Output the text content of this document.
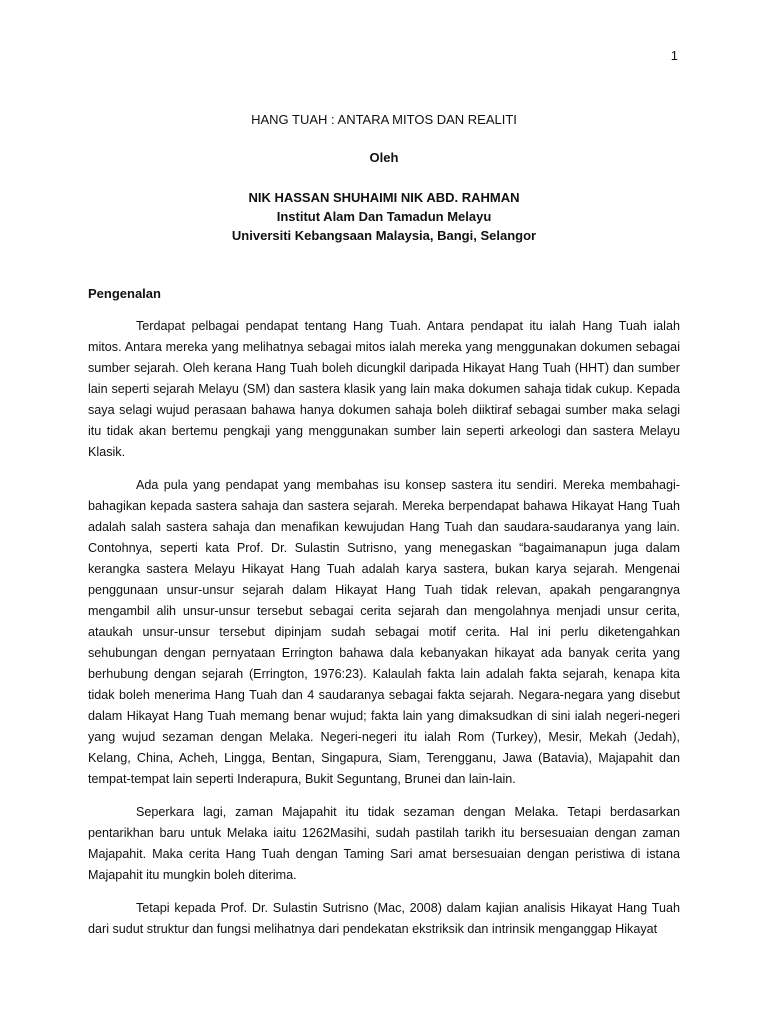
1
HANG TUAH : ANTARA MITOS DAN REALITI
Oleh
NIK HASSAN SHUHAIMI NIK ABD. RAHMAN
Institut Alam Dan Tamadun Melayu
Universiti Kebangsaan Malaysia, Bangi, Selangor
Pengenalan

Terdapat pelbagai pendapat tentang Hang Tuah. Antara pendapat itu ialah Hang Tuah ialah mitos. Antara mereka yang melihatnya sebagai mitos ialah mereka yang menggunakan dokumen sebagai sumber sejarah. Oleh kerana Hang Tuah boleh dicungkil daripada Hikayat Hang Tuah (HHT) dan sumber lain seperti sejarah Melayu (SM) dan sastera klasik yang lain maka dokumen sahaja tidak cukup. Kepada saya selagi wujud perasaan bahawa hanya dokumen sahaja boleh diiktiraf sebagai sumber maka selagi itu tidak akan bertemu pengkaji yang menggunakan sumber lain seperti arkeologi dan sastera Melayu Klasik.

Ada pula yang pendapat yang membahas isu konsep sastera itu sendiri. Mereka membahagi-bahagikan kepada sastera sahaja dan sastera sejarah. Mereka berpendapat bahawa Hikayat Hang Tuah adalah salah sastera sahaja dan menafikan kewujudan Hang Tuah dan saudara-saudaranya yang lain. Contohnya, seperti kata Prof. Dr. Sulastin Sutrisno, yang menegaskan “bagaimanapun juga dalam kerangka sastera Melayu Hikayat Hang Tuah adalah karya sastera, bukan karya sejarah. Mengenai penggunaan unsur-unsur sejarah dalam Hikayat Hang Tuah tidak relevan, apakah pengarangnya mengambil alih unsur-unsur tersebut sebagai cerita sejarah dan mengolahnya menjadi unsur cerita, ataukah unsur-unsur tersebut dipinjam sudah sebagai motif cerita. Hal ini perlu diketengahkan sehubungan dengan pernyataan Errington bahawa dala kebanyakan hikayat ada banyak cerita yang berhubung dengan sejarah (Errington, 1976:23). Kalaulah fakta lain adalah fakta sejarah, kenapa kita tidak boleh menerima Hang Tuah dan 4 saudaranya sebagai fakta sejarah. Negara-negara yang disebut dalam Hikayat Hang Tuah memang benar wujud; fakta lain yang dimaksudkan di sini ialah negeri-negeri yang wujud sezaman dengan Melaka. Negeri-negeri itu ialah Rom (Turkey), Mesir, Mekah (Jedah), Kelang, China, Acheh, Lingga, Bentan, Singapura, Siam, Terengganu, Jawa (Batavia), Majapahit dan tempat-tempat lain seperti Inderapura, Bukit Seguntang, Brunei dan lain-lain.

Seperkara lagi, zaman Majapahit itu tidak sezaman dengan Melaka. Tetapi berdasarkan pentarikhan baru untuk Melaka iaitu 1262Masihi, sudah pastilah tarikh itu bersesuaian dengan zaman Majapahit. Maka cerita Hang Tuah dengan Taming Sari amat bersesuaian dengan peristiwa di istana Majapahit itu mungkin boleh diterima.

Tetapi kepada Prof. Dr. Sulastin Sutrisno (Mac, 2008) dalam kajian analisis Hikayat Hang Tuah dari sudut struktur dan fungsi melihatnya dari pendekatan ekstriksik dan intrinsik menganggap Hikayat
